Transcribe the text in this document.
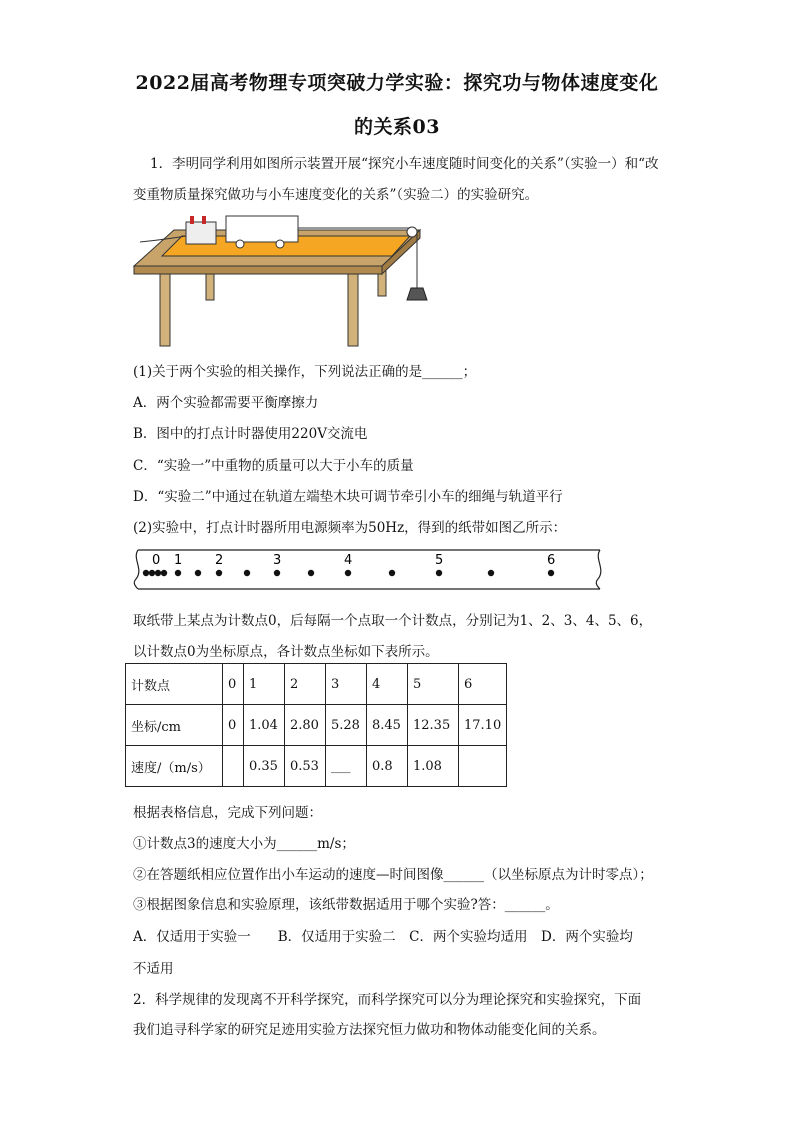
2022届高考物理专项突破力学实验：探究功与物体速度变化
的关系03
1．李明同学利用如图所示装置开展“探究小车速度随时间变化的关系”（实验一）和“改
变重物质量探究做功与小车速度变化的关系”（实验二）的实验研究。
(1)关于两个实验的相关操作，下列说法正确的是______；
A．两个实验都需要平衡摩擦力
B．图中的打点计时器使用220V交流电
C．“实验一”中重物的质量可以大于小车的质量
D．“实验二”中通过在轨道左端垫木块可调节牵引小车的细绳与轨道平行
(2)实验中，打点计时器所用电源频率为50Hz，得到的纸带如图乙所示：
0 1	2	3	4	5	6
取纸带上某点为计数点0，后每隔一个点取一个计数点，分别记为1、2、3、4、5、6，
以计数点0为坐标原点，各计数点坐标如下表所示。
计数点	0	1	2	3	4	5	6
坐标/cm	0	1.04	2.80	5.28	8.45	12.35	17.10
速度/（m/s）		0.35	0.53	___	0.8	1.08	
根据表格信息，完成下列问题：
①计数点3的速度大小为______m/s；
②在答题纸相应位置作出小车运动的速度—时间图像______（以坐标原点为计时零点）；
③根据图象信息和实验原理，该纸带数据适用于哪个实验?答：______。
A．仅适用于实验一　　B．仅适用于实验二　C．两个实验均适用　D．两个实验均
不适用
2．科学规律的发现离不开科学探究，而科学探究可以分为理论探究和实验探究，下面
我们追寻科学家的研究足迹用实验方法探究恒力做功和物体动能变化间的关系。
